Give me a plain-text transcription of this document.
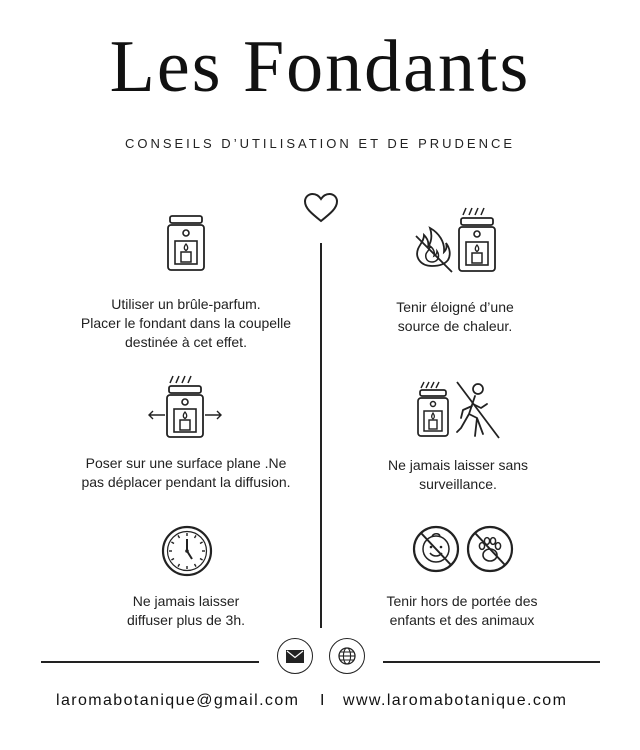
Les Fondants
CONSEILS D’UTILISATION ET DE PRUDENCE
Utiliser un brûle-parfum.
Placer le fondant dans la coupelle
destinée à cet effet.
Poser sur une surface plane .Ne
pas déplacer pendant la diffusion.
Ne jamais laisser
diffuser plus de 3h.
Tenir éloigné d’une
source de chaleur.
Ne jamais laisser sans
surveillance.
Tenir hors de portée des
enfants et des animaux
laromabotanique@gmail.com I www.laromabotanique.com
